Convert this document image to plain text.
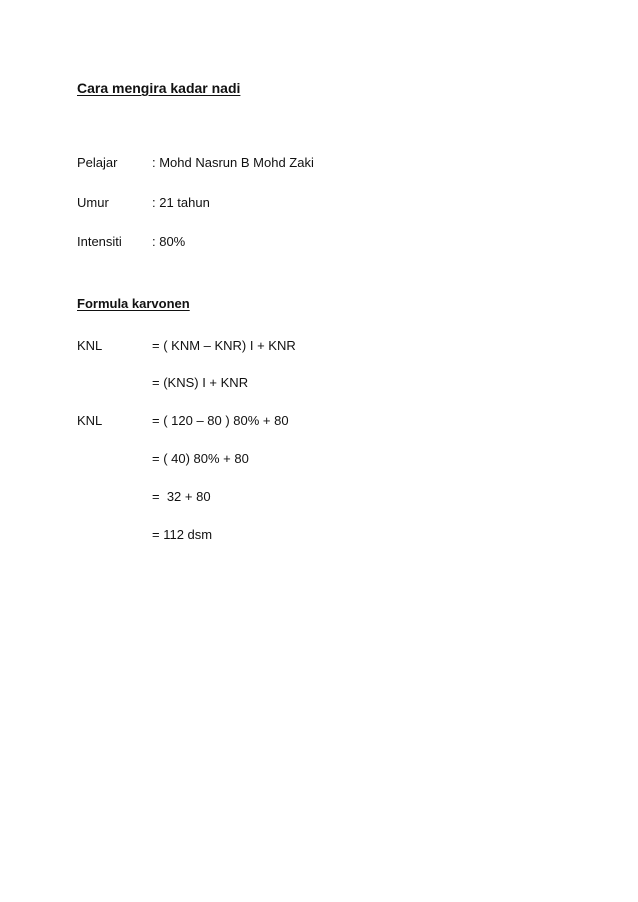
Cara mengira kadar nadi
Pelajar	: Mohd Nasrun B Mohd Zaki
Umur	: 21 tahun
Intensiti : 80%
Formula karvonen
KNL	= ( KNM – KNR) I + KNR
= (KNS) I + KNR
KNL	= ( 120 – 80 ) 80% + 80
= ( 40) 80% + 80
=  32 + 80
= 112 dsm
